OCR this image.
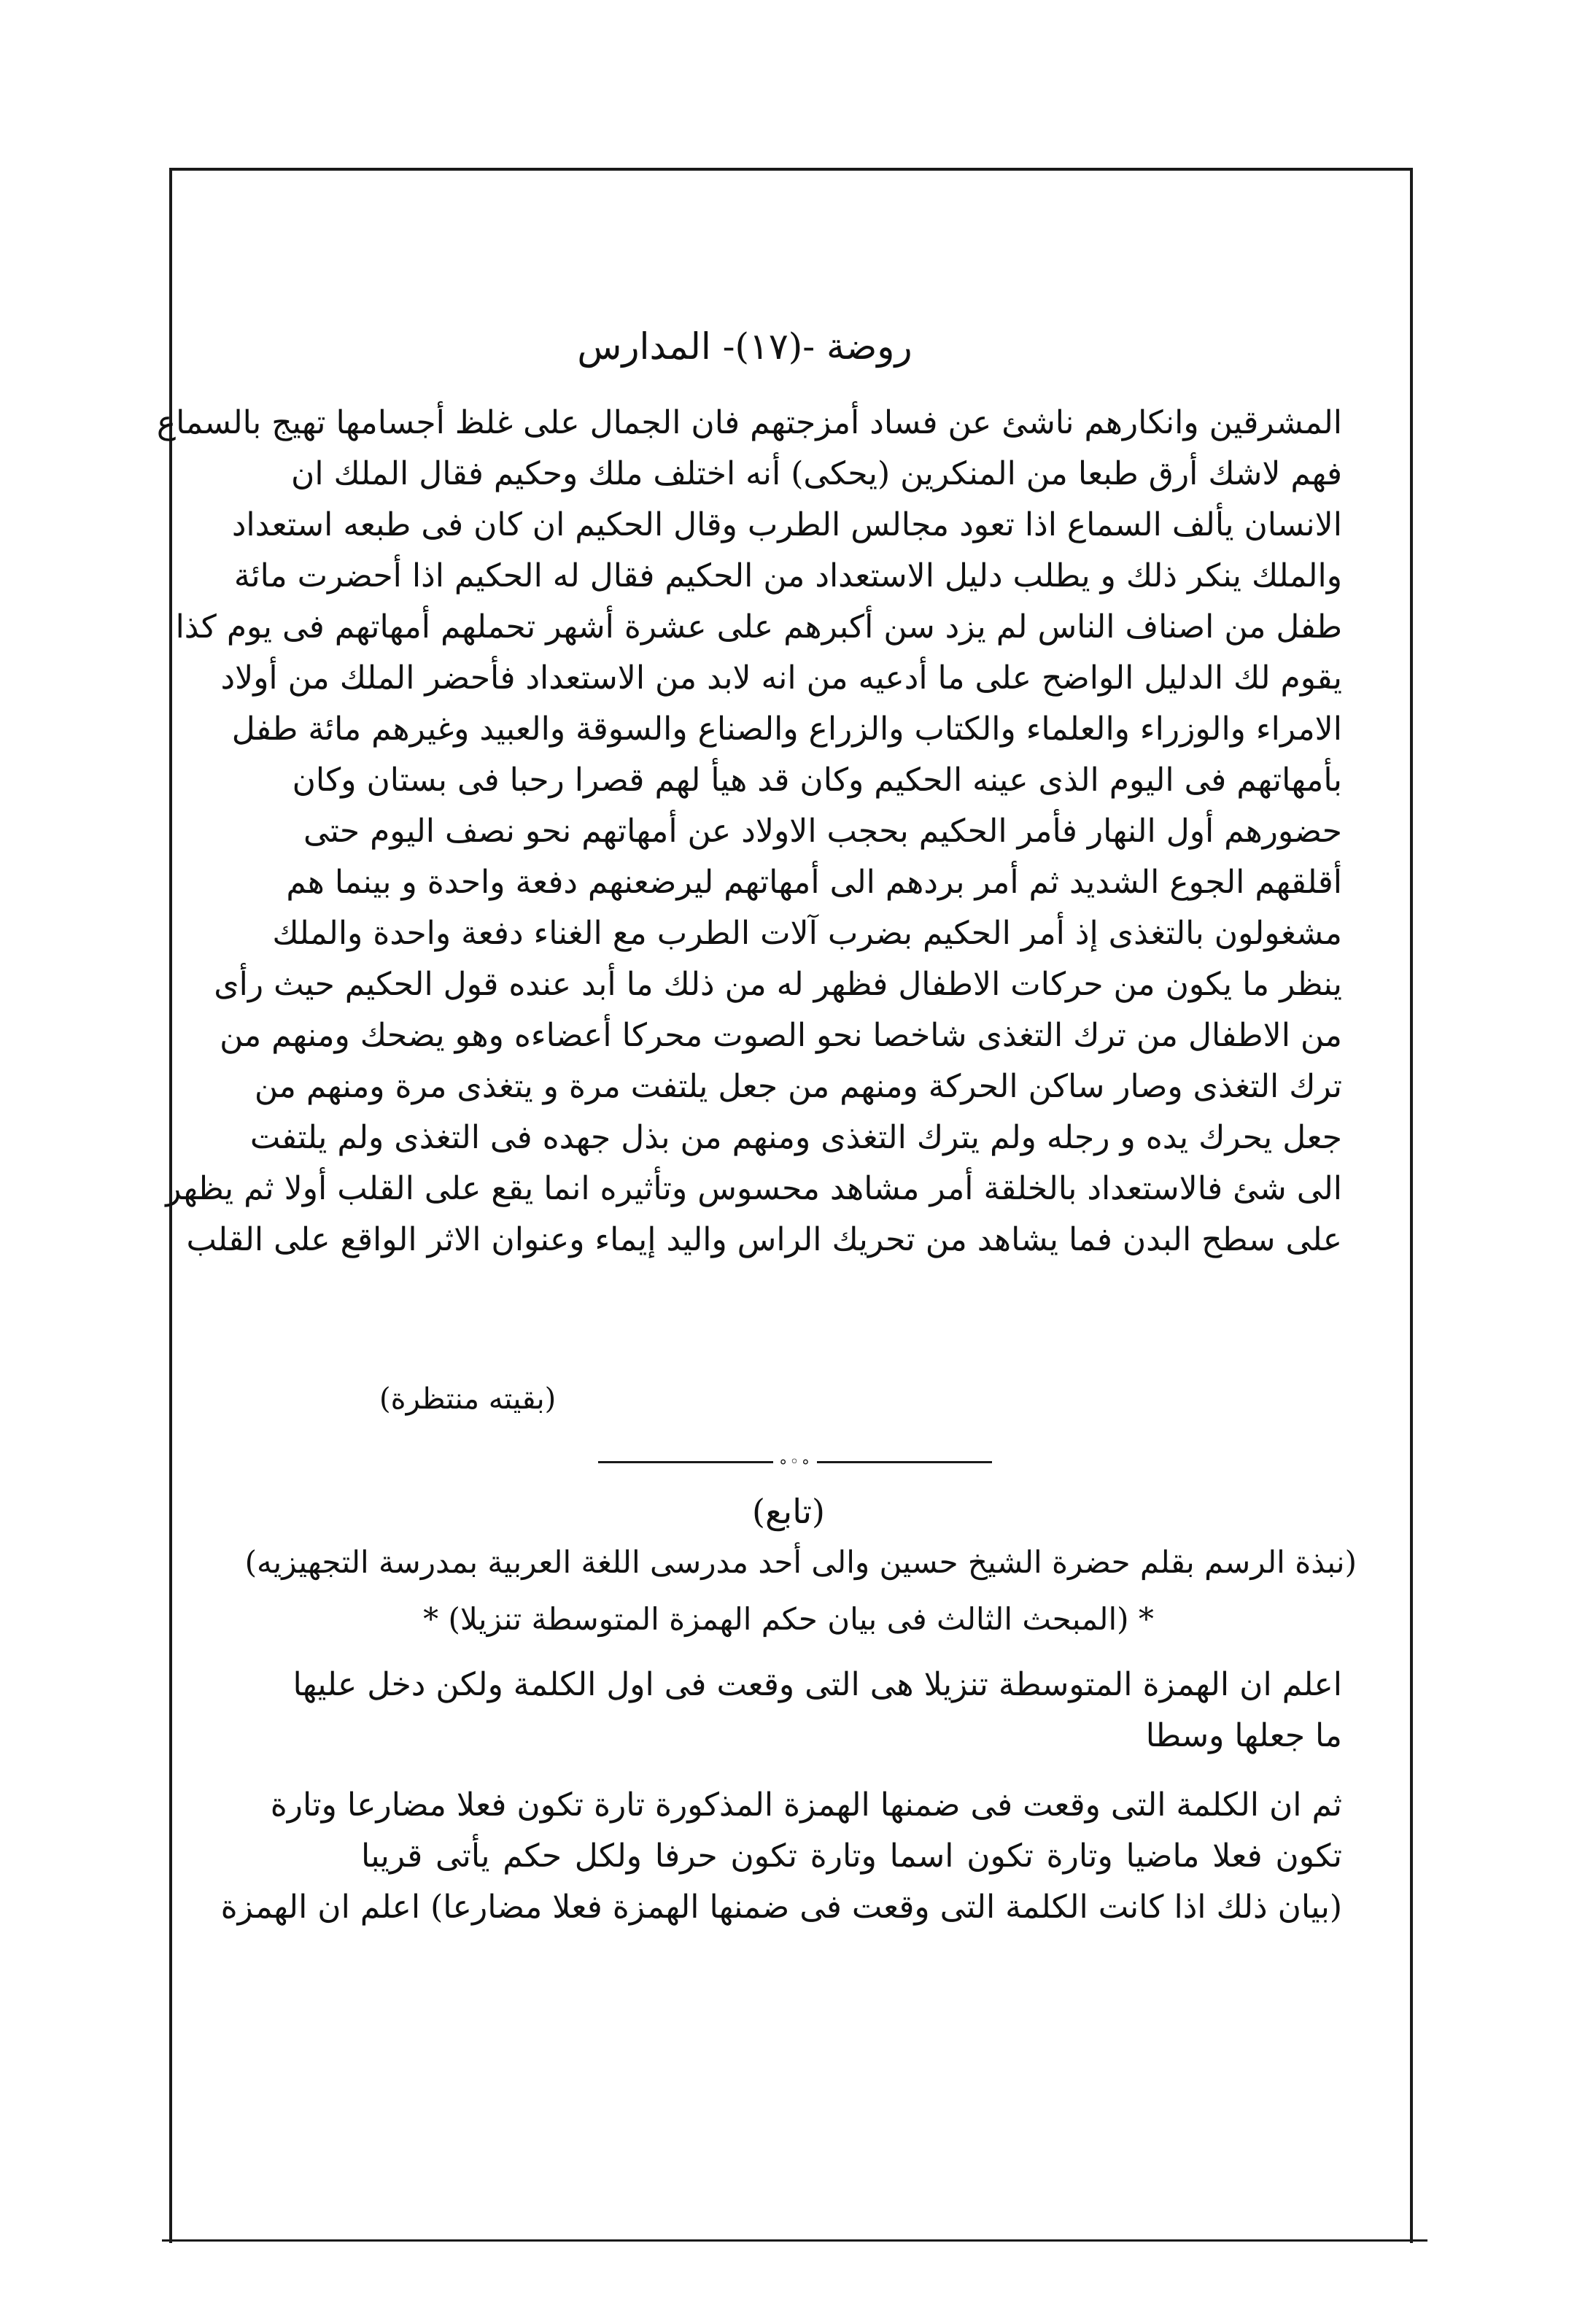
روضة -(١٧)- المدارس
المشرقين وانكارهم ناشئ عن فساد أمزجتهم فان الجمال على غلظ أجسامها تهيج بالسماع
فهم لاشك أرق طبعا من المنكرين (يحكى) أنه اختلف ملك وحكيم فقال الملك ان
الانسان يألف السماع اذا تعود مجالس الطرب وقال الحكيم ان كان فى طبعه استعداد
والملك ينكر ذلك و يطلب دليل الاستعداد من الحكيم فقال له الحكيم اذا أحضرت مائة
طفل من اصناف الناس لم يزد سن أكبرهم على عشرة أشهر تحملهم أمهاتهم فى يوم كذا
يقوم لك الدليل الواضح على ما أدعيه من انه لابد من الاستعداد فأحضر الملك من أولاد
الامراء والوزراء والعلماء والكتاب والزراع والصناع والسوقة والعبيد وغيرهم مائة طفل
بأمهاتهم فى اليوم الذى عينه الحكيم وكان قد هيأ لهم قصرا رحبا فى بستان وكان
حضورهم أول النهار فأمر الحكيم بحجب الاولاد عن أمهاتهم نحو نصف اليوم حتى
أقلقهم الجوع الشديد ثم أمر بردهم الى أمهاتهم ليرضعنهم دفعة واحدة و بينما هم
مشغولون بالتغذى إذ أمر الحكيم بضرب آلات الطرب مع الغناء دفعة واحدة والملك
ينظر ما يكون من حركات الاطفال فظهر له من ذلك ما أبد عنده قول الحكيم حيث رأى
من الاطفال من ترك التغذى شاخصا نحو الصوت محركا أعضاءه وهو يضحك ومنهم من
ترك التغذى وصار ساكن الحركة ومنهم من جعل يلتفت مرة و يتغذى مرة ومنهم من
جعل يحرك يده و رجله ولم يترك التغذى ومنهم من بذل جهده فى التغذى ولم يلتفت
الى شئ فالاستعداد بالخلقة أمر مشاهد محسوس وتأثيره انما يقع على القلب أولا ثم يظهر
على سطح البدن فما يشاهد من تحريك الراس واليد إيماء وعنوان الاثر الواقع على القلب
(بقيته منتظرة)
∘◦∘
(تابع)
(نبذة الرسم بقلم حضرة الشيخ حسين والى أحد مدرسى اللغة العربية بمدرسة التجهيزيه)
* (المبحث الثالث فى بيان حكم الهمزة المتوسطة تنزيلا) *
اعلم ان الهمزة المتوسطة تنزيلا هى التى وقعت فى اول الكلمة ولكن دخل عليها
ما جعلها وسطا
ثم ان الكلمة التى وقعت فى ضمنها الهمزة المذكورة تارة تكون فعلا مضارعا وتارة
تكون فعلا ماضيا وتارة تكون اسما وتارة تكون حرفا ولكل حكم يأتى قريبا
(بيان ذلك اذا كانت الكلمة التى وقعت فى ضمنها الهمزة فعلا مضارعا) اعلم ان الهمزة
